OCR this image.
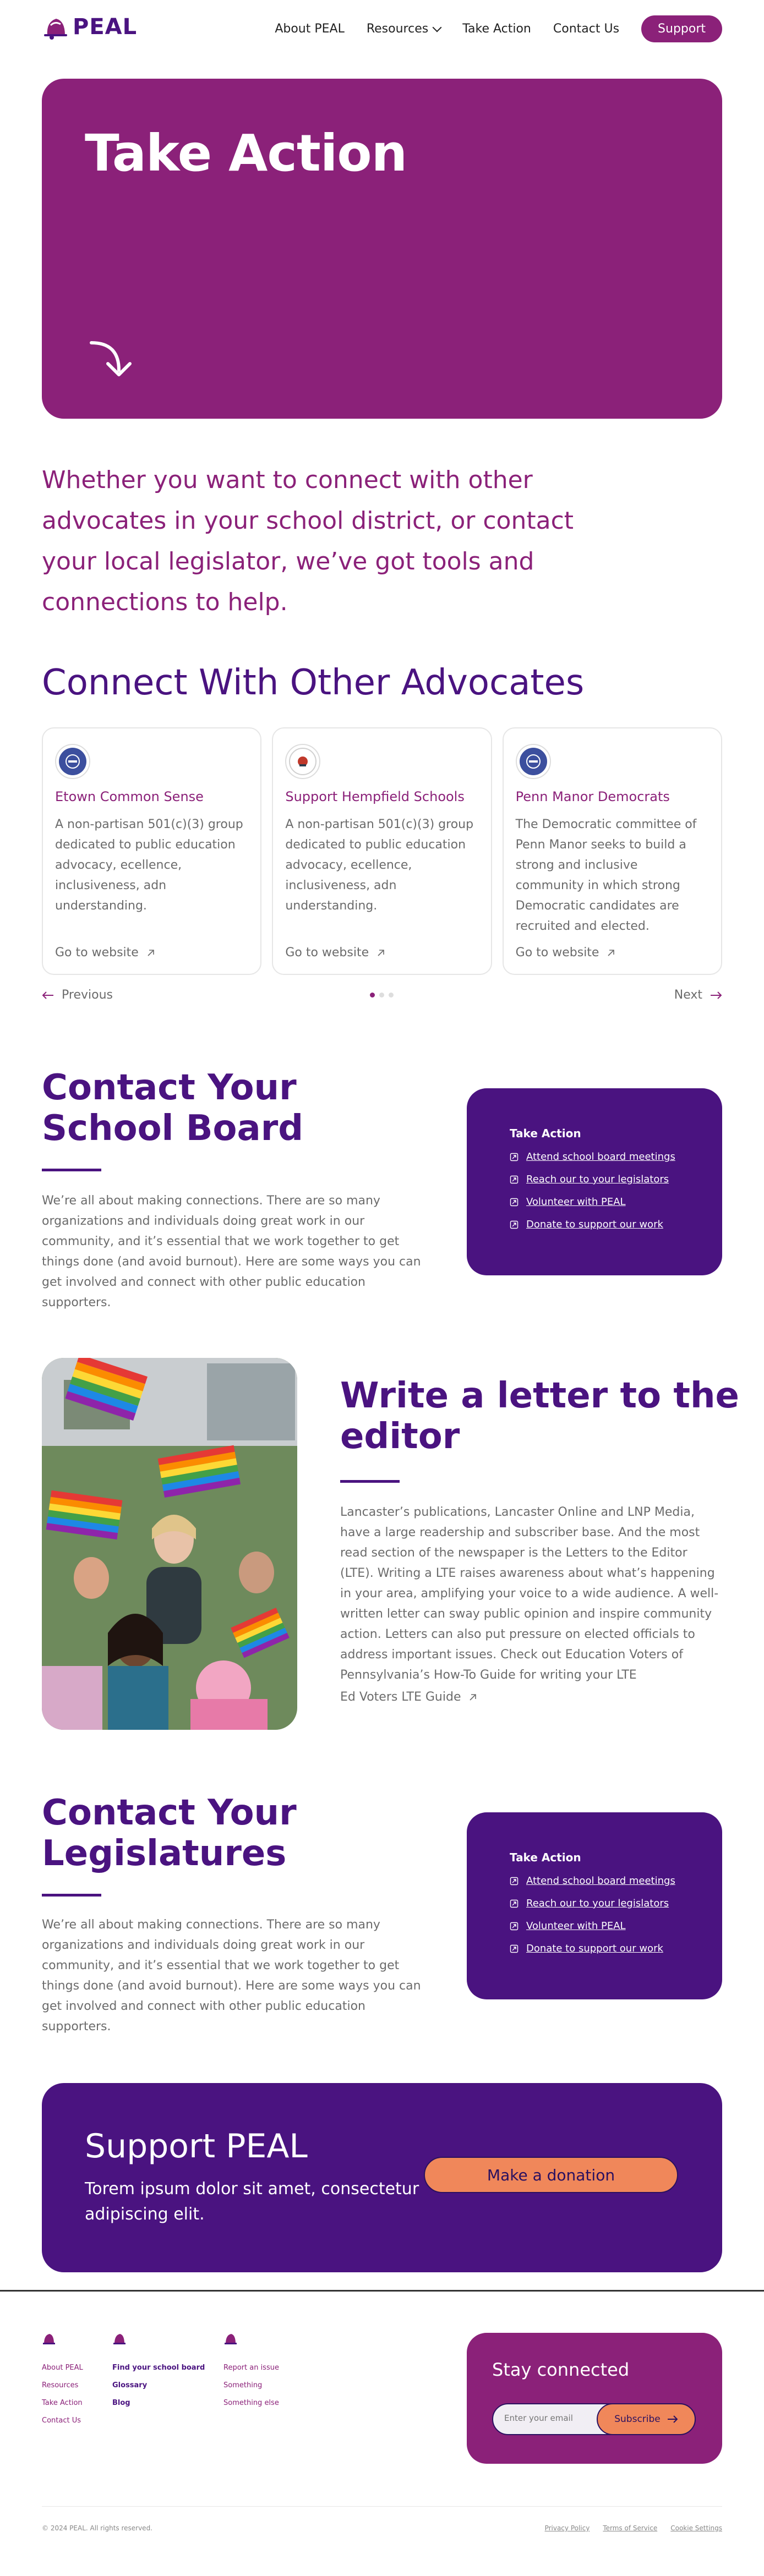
PEAL	About PEAL Resources	Take Action Contact Us	Support
Take Action

Whether you want to connect with other advocates in your school district, or contact your local legislator, we’ve got tools and connections to help.

Connect With Other Advocates
Etown Common Sense
A non-partisan 501(c)(3) group dedicated to public education advocacy, ecellence, inclusiveness, adn understanding.
Go to website
Support Hempfield Schools
A non-partisan 501(c)(3) group dedicated to public education advocacy, ecellence, inclusiveness, adn understanding.
Go to website
Penn Manor Democrats
The Democratic committee of Penn Manor seeks to build a strong and inclusive community in which strong Democratic candidates are recruited and elected.
Go to website
Previous	Next
Contact Your School Board

We’re all about making connections. There are so many organizations and individuals doing great work in our community, and it’s essential that we work together to get things done (and avoid burnout). Here are some ways you can get involved and connect with other public education supporters.

Take Action
Attend school board meetings
Reach our to your legislators
Volunteer with PEAL
Donate to support our work
Write a letter to the editor

Lancaster’s publications, Lancaster Online and LNP Media, have a large readership and subscriber base. And the most read section of the newspaper is the Letters to the Editor (LTE). Writing a LTE raises awareness about what’s happening in your area, amplifying your voice to a wide audience. A well-written letter can sway public opinion and inspire community action. Letters can also put pressure on elected officials to address important issues. Check out Education Voters of Pennsylvania’s How-To Guide for writing your LTE

Ed Voters LTE Guide
Contact Your Legislatures

We’re all about making connections. There are so many organizations and individuals doing great work in our community, and it’s essential that we work together to get things done (and avoid burnout). Here are some ways you can get involved and connect with other public education supporters.

Take Action
Attend school board meetings
Reach our to your legislators
Volunteer with PEAL
Donate to support our work
Support PEAL

Torem ipsum dolor sit amet, consectetur adipiscing elit.

Make a donation
About PEAL
Resources
Take Action
Contact Us
Find your school board
Glossary
Blog
Report an issue
Something
Something else
Stay connected
Enter your email
Subscribe
© 2024 PEAL. All rights reserved.	Privacy Policy Terms of Service Cookie Settings
